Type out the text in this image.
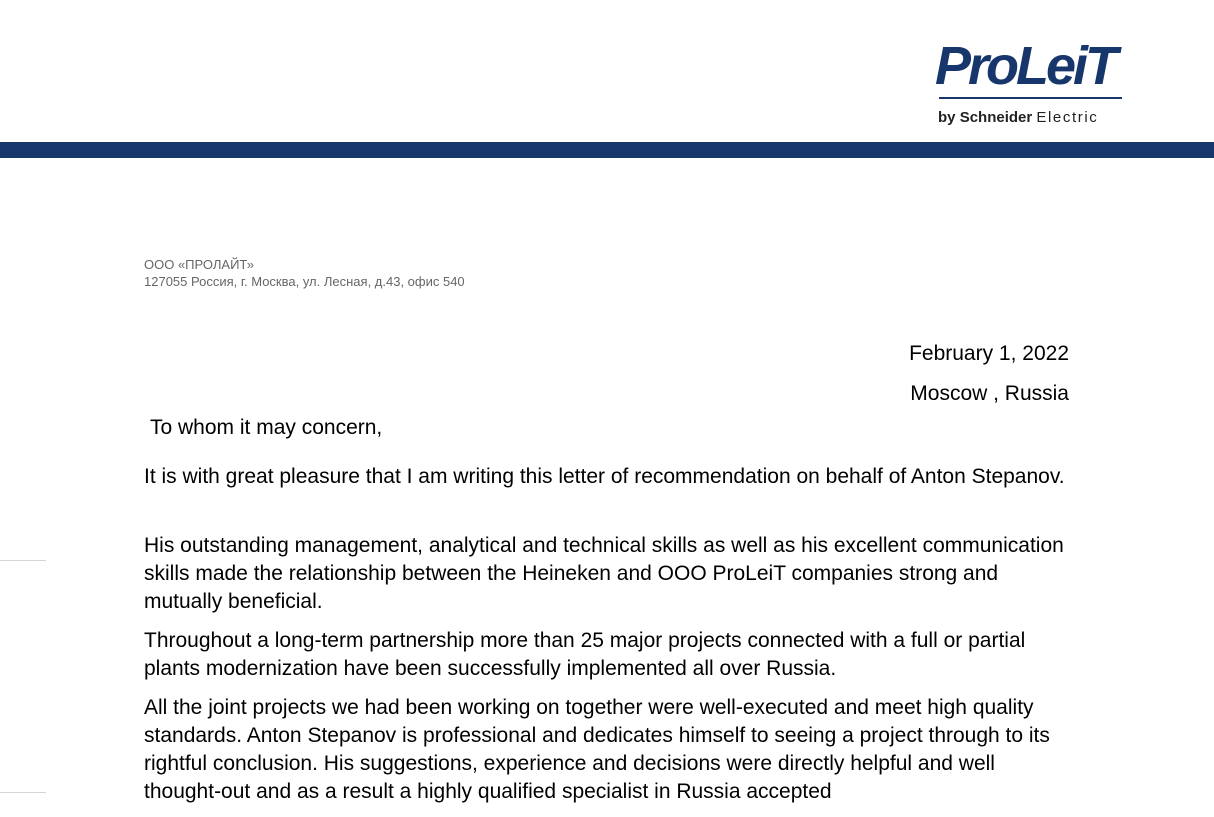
ProLeiT
by Schneider Electric
ООО «ПРОЛАЙТ»
127055 Россия, г. Москва, ул. Лесная, д.43, офис 540
February 1, 2022
Moscow , Russia
To whom it may concern,

It is with great pleasure that I am writing this letter of recommendation on behalf of Anton Stepanov.

His outstanding management, analytical and technical skills as well as his excellent communication skills made the relationship between the Heineken and OOO ProLeiT companies strong and mutually beneficial.

Throughout a long-term partnership more than 25 major projects connected with a full or partial plants modernization have been successfully implemented all over Russia.

All the joint projects we had been working on together were well-executed and meet high quality standards. Anton Stepanov is professional and dedicates himself to seeing a project through to its rightful conclusion. His suggestions, experience and decisions were directly helpful and well thought-out and as a result a highly qualified specialist in Russia accepted
